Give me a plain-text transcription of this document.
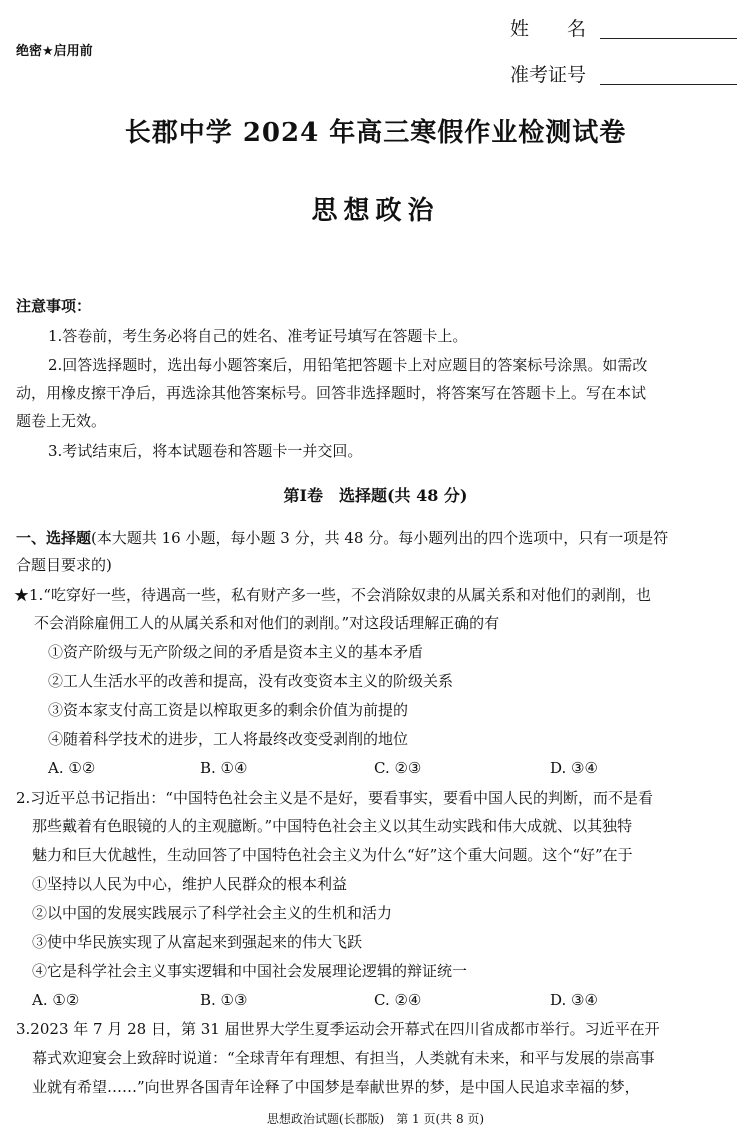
绝密★启用前
姓　　名
准考证号
长郡中学 2024 年高三寒假作业检测试卷
思想政治
注意事项：
1.答卷前，考生务必将自己的姓名、准考证号填写在答题卡上。
2.回答选择题时，选出每小题答案后，用铅笔把答题卡上对应题目的答案标号涂黑。如需改
动，用橡皮擦干净后，再选涂其他答案标号。回答非选择题时，将答案写在答题卡上。写在本试
题卷上无效。
3.考试结束后，将本试题卷和答题卡一并交回。
第Ⅰ卷　选择题(共 48 分)
一、选择题(本大题共 16 小题，每小题 3 分，共 48 分。每小题列出的四个选项中，只有一项是符
合题目要求的)
★1.“吃穿好一些，待遇高一些，私有财产多一些，不会消除奴隶的从属关系和对他们的剥削，也
不会消除雇佣工人的从属关系和对他们的剥削。”对这段话理解正确的有
①资产阶级与无产阶级之间的矛盾是资本主义的基本矛盾
②工人生活水平的改善和提高，没有改变资本主义的阶级关系
③资本家支付高工资是以榨取更多的剩余价值为前提的
④随着科学技术的进步，工人将最终改变受剥削的地位
A. ①②	B. ①④	C. ②③	D. ③④
2.习近平总书记指出：“中国特色社会主义是不是好，要看事实，要看中国人民的判断，而不是看
那些戴着有色眼镜的人的主观臆断。”中国特色社会主义以其生动实践和伟大成就、以其独特
魅力和巨大优越性，生动回答了中国特色社会主义为什么“好”这个重大问题。这个“好”在于
①坚持以人民为中心，维护人民群众的根本利益
②以中国的发展实践展示了科学社会主义的生机和活力
③使中华民族实现了从富起来到强起来的伟大飞跃
④它是科学社会主义事实逻辑和中国社会发展理论逻辑的辩证统一
A. ①②	B. ①③	C. ②④	D. ③④
3.2023 年 7 月 28 日，第 31 届世界大学生夏季运动会开幕式在四川省成都市举行。习近平在开
幕式欢迎宴会上致辞时说道：“全球青年有理想、有担当，人类就有未来，和平与发展的崇高事
业就有希望……”向世界各国青年诠释了中国梦是奉献世界的梦，是中国人民追求幸福的梦，
思想政治试题(长郡版)　第 1 页(共 8 页)
